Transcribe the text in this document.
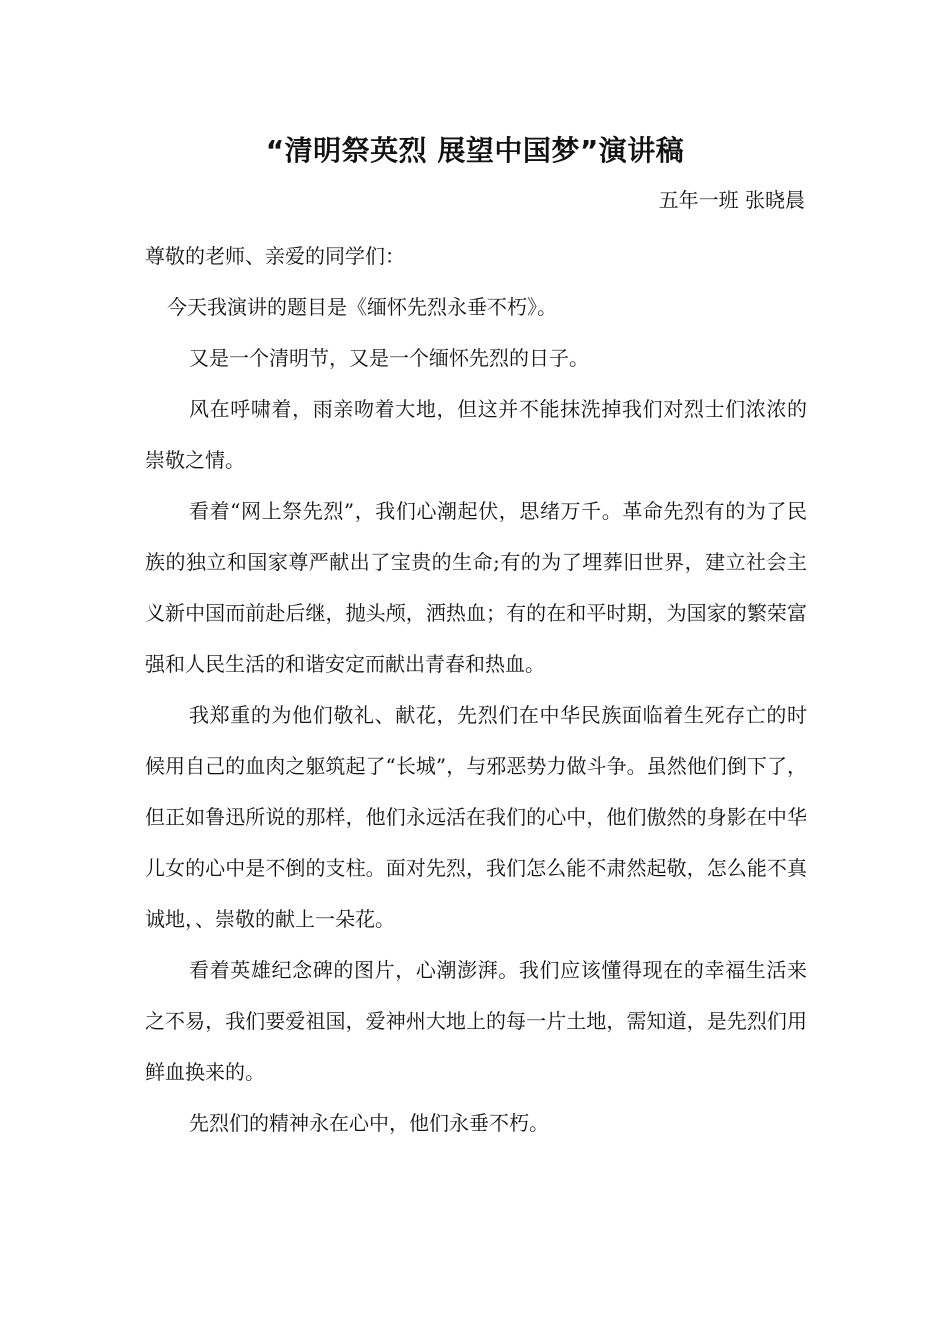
“清明祭英烈 展望中国梦”演讲稿
五年一班 张晓晨

尊敬的老师、亲爱的同学们：

今天我演讲的题目是《缅怀先烈永垂不朽》。

又是一个清明节，又是一个缅怀先烈的日子。

风在呼啸着，雨亲吻着大地，但这并不能抹洗掉我们对烈士们浓浓的崇敬之情。

看着“网上祭先烈”，我们心潮起伏，思绪万千。革命先烈有的为了民族的独立和国家尊严献出了宝贵的生命;有的为了埋葬旧世界，建立社会主义新中国而前赴后继，抛头颅，洒热血；有的在和平时期，为国家的繁荣富强和人民生活的和谐安定而献出青春和热血。

我郑重的为他们敬礼、献花，先烈们在中华民族面临着生死存亡的时候用自己的血肉之躯筑起了“长城”，与邪恶势力做斗争。虽然他们倒下了，但正如鲁迅所说的那样，他们永远活在我们的心中，他们傲然的身影在中华儿女的心中是不倒的支柱。面对先烈，我们怎么能不肃然起敬，怎么能不真诚地，、崇敬的献上一朵花。

看着英雄纪念碑的图片，心潮澎湃。我们应该懂得现在的幸福生活来之不易，我们要爱祖国，爱神州大地上的每一片土地，需知道，是先烈们用鲜血换来的。

先烈们的精神永在心中，他们永垂不朽。
